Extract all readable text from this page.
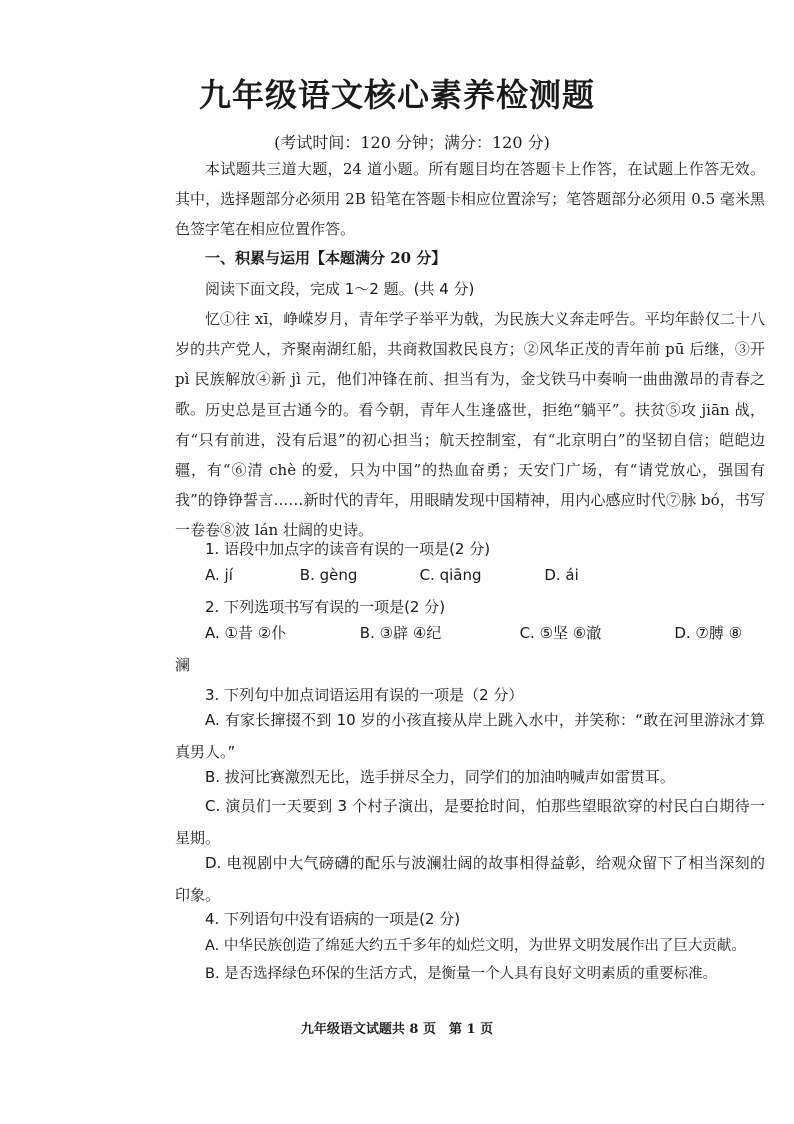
九年级语文核心素养检测题
(考试时间：120 分钟；满分：120 分)
本试题共三道大题，24 道小题。所有题目均在答题卡上作答，在试题上作答无效。其中，选择题部分必须用 2B 铅笔在答题卡相应位置涂写；笔答题部分必须用 0.5 毫米黑色签字笔在相应位置作答。
一、积累与运用【本题满分 20 分】
阅读下面文段，完成 1～2 题。(共 4 分)
忆①往 xī，峥嵘岁月，青年学子举平为戟，为民族大义奔走呼告。平均年龄仅二十八岁的共产党人，齐聚南湖红船，共商救国救民良方；②风华正茂的青年前 pū 后继，③开 pì 民族解放④新 jì 元，他们冲锋在前、担当有为，金戈铁马中奏响一曲曲激昂的青春之歌。 历史总是亘古通今的。看今朝，青年人生逢盛世，拒绝“躺平”。扶贫⑤攻 jiān 战，有“只有前进，没有后退”的初心担当；航天控制室，有“北京明白”的坚韧自信；皑皑边疆，有“⑥清 chè 的爱，只为中国”的热血奋勇；天安门广场，有“请党放心，强国有我”的铮铮誓言……新时代的青年，用眼睛发现中国精神，用内心感应时代⑦脉 bó，书写一卷卷⑧波 lán 壮阔的史诗。
1. 语段中加点字的读音有误的一项是(2 分)
A. jí	B. gèng	C. qiāng	D. ái
2. 下列选项书写有误的一项是(2 分)
A. ①昔 ②仆	B. ③辟 ④纪	C. ⑤坚 ⑥澈	D. ⑦膊 ⑧
澜
3. 下列句中加点词语运用有误的一项是（2 分）
A. 有家长撺掇不到 10 岁的小孩直接从岸上跳入水中，并笑称：“敢在河里游泳才算真男人。”
B. 拔河比赛激烈无比，选手拼尽全力，同学们的加油呐喊声如雷贯耳。
C. 演员们一天要到 3 个村子演出，是要抢时间，怕那些望眼欲穿的村民白白期待一星期。
D. 电视剧中大气磅礴的配乐与波澜壮阔的故事相得益彰，给观众留下了相当深刻的印象。
4. 下列语句中没有语病的一项是(2 分)
A. 中华民族创造了绵延大约五千多年的灿烂文明，为世界文明发展作出了巨大贡献。
B. 是否选择绿色环保的生活方式，是衡量一个人具有良好文明素质的重要标准。
九年级语文试题共 8 页　第 1 页
